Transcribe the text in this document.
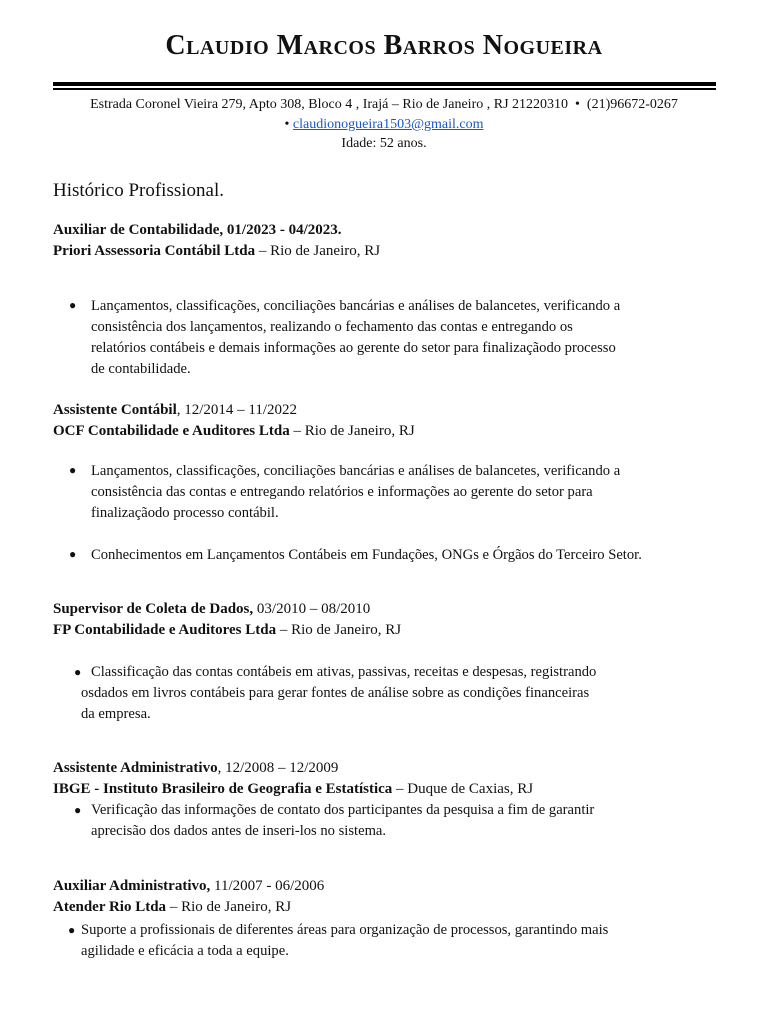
Claudio Marcos Barros Nogueira
Estrada Coronel Vieira 279, Apto 308, Bloco 4 , Irajá – Rio de Janeiro , RJ 21220310 • (21)96672-0267
• claudionogueira1503@gmail.com
Idade: 52 anos.
Histórico Profissional.
Auxiliar de Contabilidade, 01/2023 - 04/2023.
Priori Assessoria Contábil Ltda – Rio de Janeiro, RJ
● Lançamentos, classificações, conciliações bancárias e análises de balancetes, verificando a
consistência dos lançamentos, realizando o fechamento das contas e entregando os
relatórios contábeis e demais informações ao gerente do setor para finalizaçãodo processo
de contabilidade.
Assistente Contábil, 12/2014 – 11/2022
OCF Contabilidade e Auditores Ltda – Rio de Janeiro, RJ
● Lançamentos, classificações, conciliações bancárias e análises de balancetes, verificando a
consistência das contas e entregando relatórios e informações ao gerente do setor para
finalizaçãodo processo contábil.
● Conhecimentos em Lançamentos Contábeis em Fundações, ONGs e Órgãos do Terceiro Setor.
Supervisor de Coleta de Dados, 03/2010 – 08/2010
FP Contabilidade e Auditores Ltda – Rio de Janeiro, RJ
● Classificação das contas contábeis em ativas, passivas, receitas e despesas, registrando
osdados em livros contábeis para gerar fontes de análise sobre as condições financeiras
da empresa.
Assistente Administrativo, 12/2008 – 12/2009
IBGE - Instituto Brasileiro de Geografia e Estatística – Duque de Caxias, RJ
● Verificação das informações de contato dos participantes da pesquisa a fim de garantir
aprecisão dos dados antes de inseri-los no sistema.
Auxiliar Administrativo, 11/2007 - 06/2006
Atender Rio Ltda – Rio de Janeiro, RJ
● Suporte a profissionais de diferentes áreas para organização de processos, garantindo mais
agilidade e eficácia a toda a equipe.
